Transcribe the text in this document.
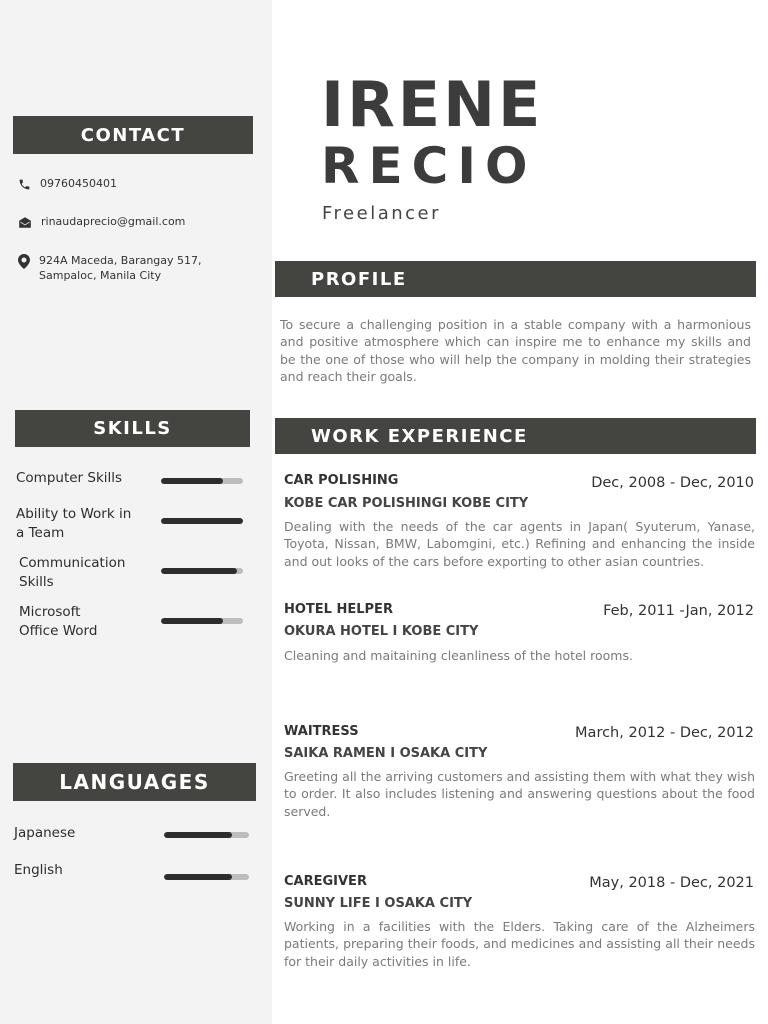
CONTACT
09760450401
rinaudaprecio@gmail.com
924A Maceda, Barangay 517,
Sampaloc, Manila City
SKILLS
Computer Skills
Ability to Work in
a Team
Communication
Skills
Microsoft
Office Word
LANGUAGES
Japanese
English
IRENE
RECIO
Freelancer
PROFILE

To secure a challenging position in a stable company with a harmonious and positive atmosphere which can inspire me to enhance my skills and be the one of those who will help the company in molding their strategies and reach their goals.

WORK EXPERIENCE
CAR POLISHING	Dec, 2008 - Dec, 2010
KOBE CAR POLISHINGI KOBE CITY

Dealing with the needs of the car agents in Japan( Syuterum, Yanase, Toyota, Nissan, BMW, Labomgini, etc.) Refining and enhancing the inside and out looks of the cars before exporting to other asian countries.

HOTEL HELPER	Feb, 2011 -Jan, 2012
OKURA HOTEL I KOBE CITY

Cleaning and maitaining cleanliness of the hotel rooms.

WAITRESS	March, 2012 - Dec, 2012
SAIKA RAMEN I OSAKA CITY

Greeting all the arriving customers and assisting them with what they wish to order. It also includes listening and answering questions about the food served.

CAREGIVER	May, 2018 - Dec, 2021
SUNNY LIFE I OSAKA CITY

Working in a facilities with the Elders. Taking care of the Alzheimers patients, preparing their foods, and medicines and assisting all their needs for their daily activities in life.
